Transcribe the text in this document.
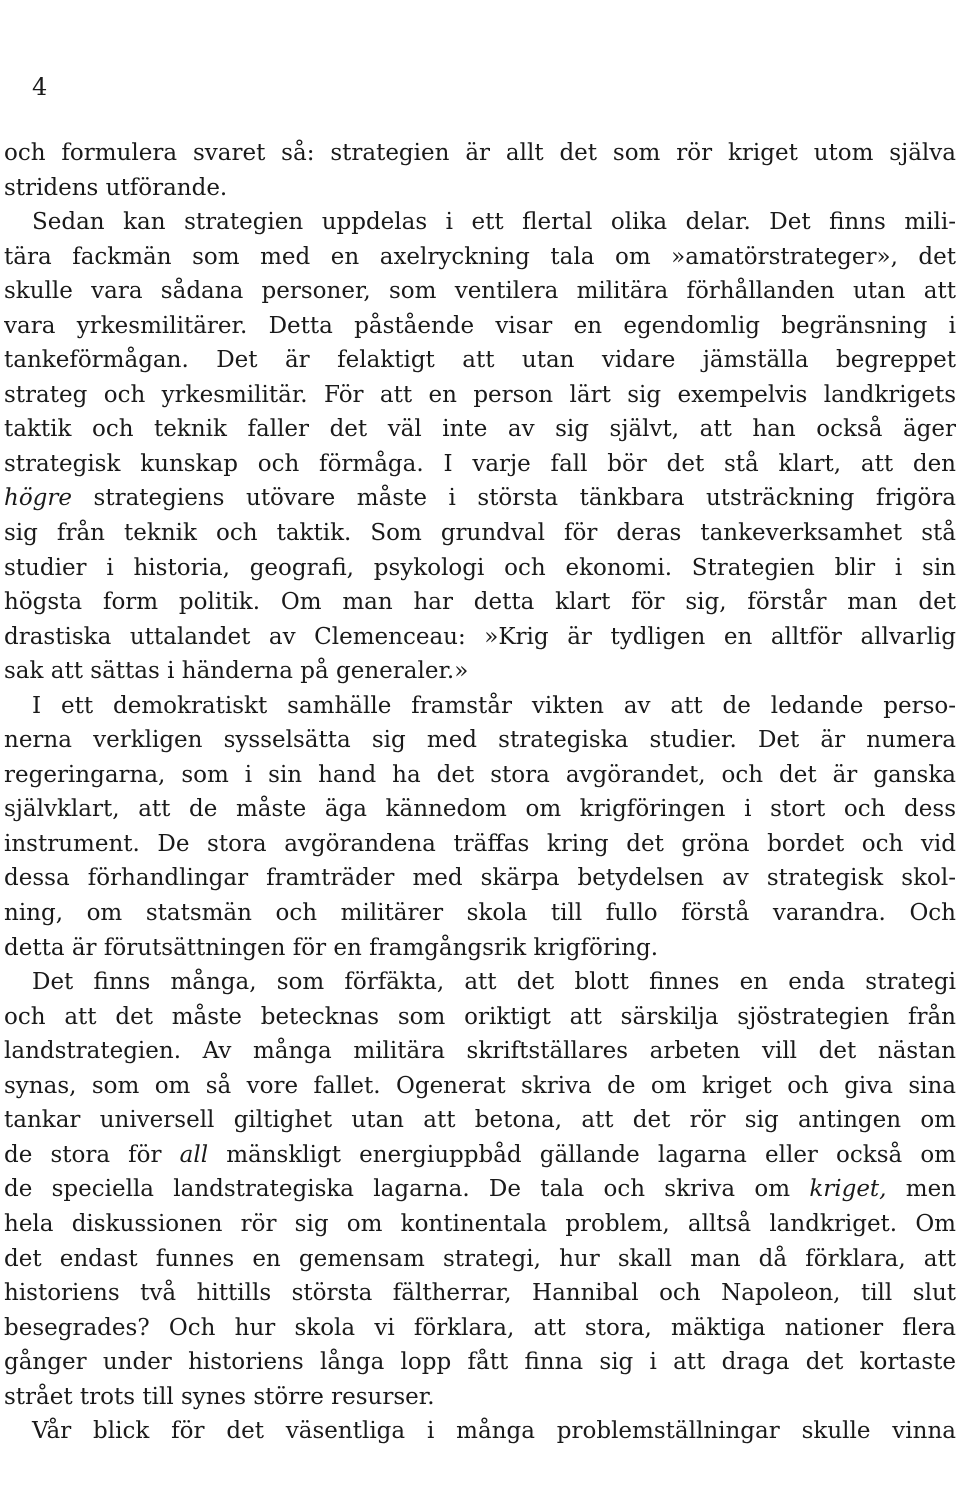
4

och formulera svaret så: strategien är allt det som rör kriget utom själva
stridens utförande.
Sedan kan strategien uppdelas i ett flertal olika delar. Det finns mili-
tära fackmän som med en axelryckning tala om »amatörstrateger», det
skulle vara sådana personer, som ventilera militära förhållanden utan att
vara yrkesmilitärer. Detta påstående visar en egendomlig begränsning i
tankeförmågan. Det är felaktigt att utan vidare jämställa begreppet
strateg och yrkesmilitär. För att en person lärt sig exempelvis landkrigets
taktik och teknik faller det väl inte av sig självt, att han också äger
strategisk kunskap och förmåga. I varje fall bör det stå klart, att den
högre strategiens utövare måste i största tänkbara utsträckning frigöra
sig från teknik och taktik. Som grundval för deras tankeverksamhet stå
studier i historia, geografi, psykologi och ekonomi. Strategien blir i sin
högsta form politik. Om man har detta klart för sig, förstår man det
drastiska uttalandet av Clemenceau: »Krig är tydligen en alltför allvarlig
sak att sättas i händerna på generaler.»
I ett demokratiskt samhälle framstår vikten av att de ledande perso-
nerna verkligen sysselsätta sig med strategiska studier. Det är numera
regeringarna, som i sin hand ha det stora avgörandet, och det är ganska
självklart, att de måste äga kännedom om krigföringen i stort och dess
instrument. De stora avgörandena träffas kring det gröna bordet och vid
dessa förhandlingar framträder med skärpa betydelsen av strategisk skol-
ning, om statsmän och militärer skola till fullo förstå varandra. Och
detta är förutsättningen för en framgångsrik krigföring.
Det finns många, som förfäkta, att det blott finnes en enda strategi
och att det måste betecknas som oriktigt att särskilja sjöstrategien från
landstrategien. Av många militära skriftställares arbeten vill det nästan
synas, som om så vore fallet. Ogenerat skriva de om kriget och giva sina
tankar universell giltighet utan att betona, att det rör sig antingen om
de stora för all mänskligt energiuppbåd gällande lagarna eller också om
de speciella landstrategiska lagarna. De tala och skriva om kriget, men
hela diskussionen rör sig om kontinentala problem, alltså landkriget. Om
det endast funnes en gemensam strategi, hur skall man då förklara, att
historiens två hittills största fältherrar, Hannibal och Napoleon, till slut
besegrades? Och hur skola vi förklara, att stora, mäktiga nationer flera
gånger under historiens långa lopp fått finna sig i att draga det kortaste
strået trots till synes större resurser.
Vår blick för det väsentliga i många problemställningar skulle vinna
